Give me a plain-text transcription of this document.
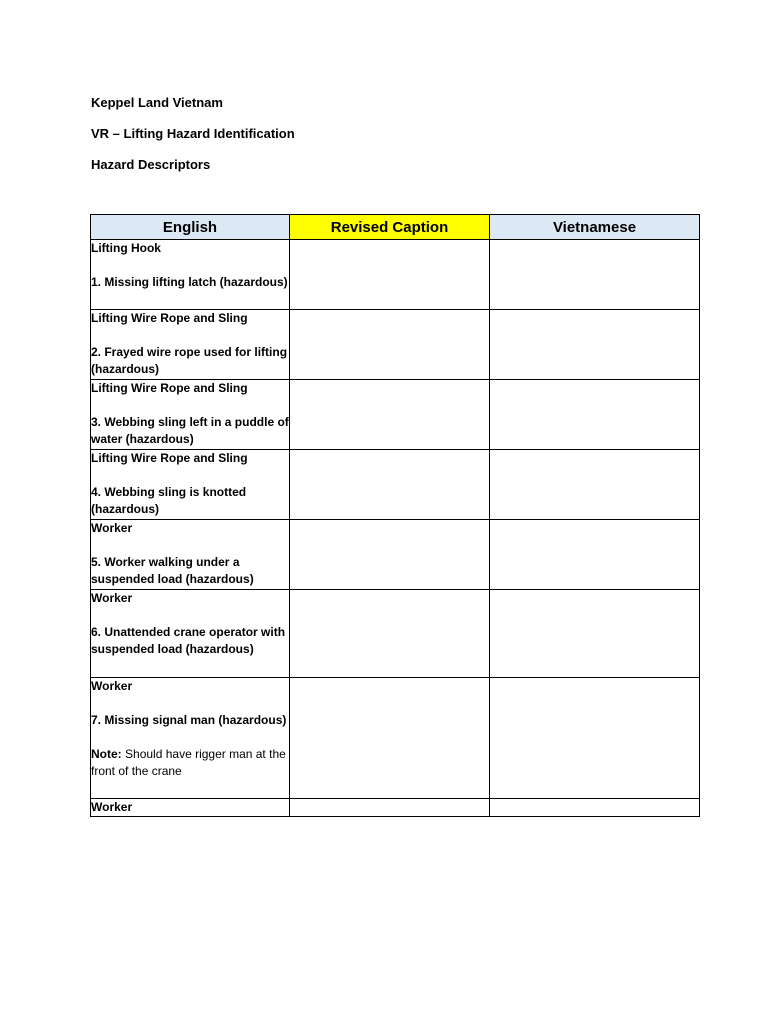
Keppel Land Vietnam

VR – Lifting Hazard Identification

Hazard Descriptors

English	Revised Caption	Vietnamese

Lifting Hook
1. Missing lifting latch (hazardous)		

Lifting Wire Rope and Sling
2. Frayed wire rope used for lifting (hazardous)		

Lifting Wire Rope and Sling
3. Webbing sling left in a puddle of water (hazardous)		

Lifting Wire Rope and Sling
4. Webbing sling is knotted (hazardous)		

Worker
5. Worker walking under a suspended load (hazardous)		

Worker
6. Unattended crane operator with suspended load (hazardous)		

Worker
7. Missing signal man (hazardous)
Note: Should have rigger man at the front of the crane		

Worker		
